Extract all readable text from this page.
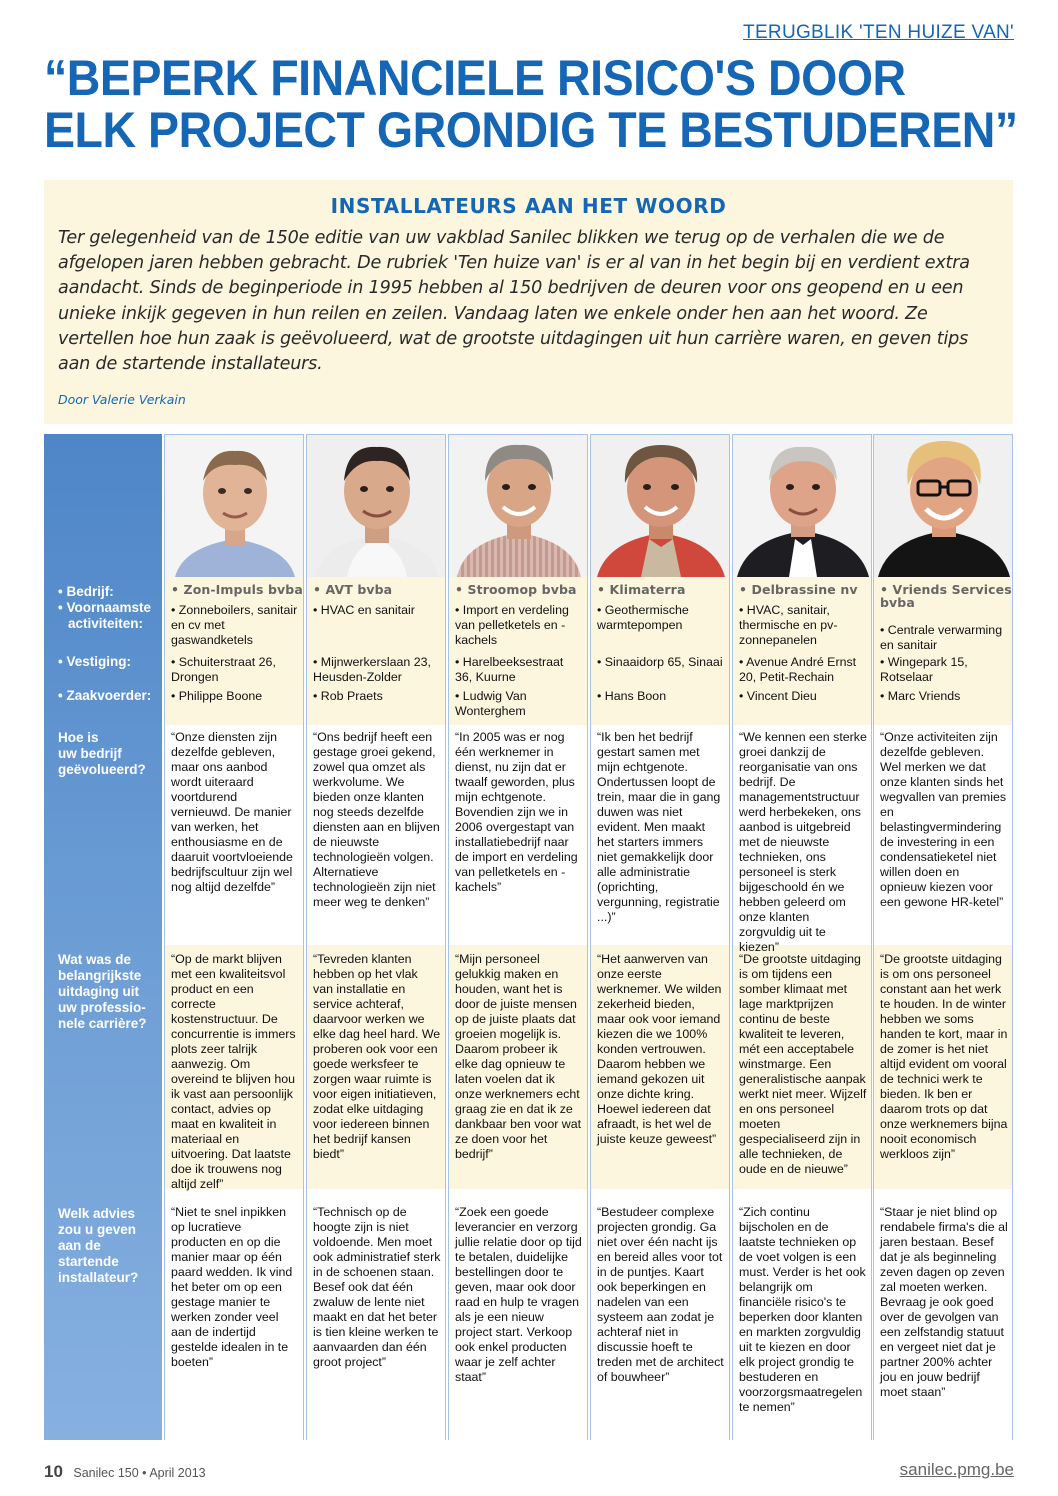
TERUGBLIK 'TEN HUIZE VAN'
“BEPERK FINANCIELE RISICO'S DOOR
ELK PROJECT GRONDIG TE BESTUDEREN”
INSTALLATEURS AAN HET WOORD
Ter gelegenheid van de 150e editie van uw vakblad Sanilec blikken we terug op de verhalen die we de afgelopen jaren hebben gebracht. De rubriek 'Ten huize van' is er al van in het begin bij en verdient extra aandacht. Sinds de beginperiode in 1995 hebben al 150 bedrijven de deuren voor ons geopend en u een unieke inkijk gegeven in hun reilen en zeilen. Vandaag laten we enkele onder hen aan het woord. Ze vertellen hoe hun zaak is geëvolueerd, wat de grootste uitdagingen uit hun carrière waren, en geven tips aan de startende installateurs.
Door Valerie Verkain
• Bedrijf:
• Voornaamste
activiteiten:
• Vestiging:
• Zaakvoerder:
Hoe is
uw bedrijf
geëvolueerd?
Wat was de
belangrijkste
uitdaging uit
uw professio-
nele carrière?
Welk advies
zou u geven
aan de
startende
installateur?
• Zon-Impuls bvba
• Zonneboilers, sanitair en cv met gaswandketels
• Schuiterstraat 26, Drongen
• Philippe Boone
“Onze diensten zijn dezelfde gebleven, maar ons aanbod wordt uiteraard voortdurend vernieuwd. De manier van werken, het enthousiasme en de daaruit voortvloeiende bedrijfscultuur zijn wel nog altijd dezelfde”
“Op de markt blijven met een kwaliteitsvol product en een correcte kostenstructuur. De concurrentie is immers plots zeer talrijk aanwezig. Om overeind te blijven hou ik vast aan persoonlijk contact, advies op maat en kwaliteit in materiaal en uitvoering. Dat laatste doe ik trouwens nog altijd zelf”
“Niet te snel inpikken op lucratieve producten en op die manier maar op één paard wedden. Ik vind het beter om op een gestage manier te werken zonder veel aan de indertijd gestelde idealen in te boeten”
• AVT bvba
• HVAC en sanitair
• Mijnwerkerslaan 23, Heusden-Zolder
• Rob Praets
“Ons bedrijf heeft een gestage groei gekend, zowel qua omzet als werkvolume. We bieden onze klanten nog steeds dezelfde diensten aan en blijven de nieuwste technologieën volgen. Alternatieve technologieën zijn niet meer weg te denken”
“Tevreden klanten hebben op het vlak van installatie en service achteraf, daarvoor werken we elke dag heel hard. We proberen ook voor een goede werksfeer te zorgen waar ruimte is voor eigen initiatieven, zodat elke uitdaging voor iedereen binnen het bedrijf kansen biedt”
“Technisch op de hoogte zijn is niet voldoende. Men moet ook administratief sterk in de schoenen staan. Besef ook dat één zwaluw de lente niet maakt en dat het beter is tien kleine werken te aanvaarden dan één groot project”
• Stroomop bvba
• Import en verdeling van pelletketels en -kachels
• Harelbeeksestraat 36, Kuurne
• Ludwig Van Wonterghem
“In 2005 was er nog één werknemer in dienst, nu zijn dat er twaalf geworden, plus mijn echtgenote. Bovendien zijn we in 2006 overgestapt van installatiebedrijf naar de import en verdeling van pelletketels en -kachels”
“Mijn personeel gelukkig maken en houden, want het is door de juiste mensen op de juiste plaats dat groeien mogelijk is. Daarom probeer ik elke dag opnieuw te laten voelen dat ik onze werknemers echt graag zie en dat ik ze dankbaar ben voor wat ze doen voor het bedrijf”
“Zoek een goede leverancier en verzorg jullie relatie door op tijd te betalen, duidelijke bestellingen door te geven, maar ook door raad en hulp te vragen als je een nieuw project start. Verkoop ook enkel producten waar je zelf achter staat”
• Klimaterra
• Geothermische warmtepompen
• Sinaaidorp 65, Sinaai
• Hans Boon
“Ik ben het bedrijf gestart samen met mijn echtgenote. Ondertussen loopt de trein, maar die in gang duwen was niet evident. Men maakt het starters immers niet gemakkelijk door alle administratie (oprichting, vergunning, registratie ...)”
“Het aanwerven van onze eerste werknemer. We wilden zekerheid bieden, maar ook voor iemand kiezen die we 100% konden vertrouwen. Daarom hebben we iemand gekozen uit onze dichte kring. Hoewel iedereen dat afraadt, is het wel de juiste keuze geweest”
“Bestudeer complexe projecten grondig. Ga niet over één nacht ijs en bereid alles voor tot in de puntjes. Kaart ook beperkingen en nadelen van een systeem aan zodat je achteraf niet in discussie hoeft te treden met de architect of bouwheer”
• Delbrassine nv
• HVAC, sanitair, thermische en pv-zonnepanelen
• Avenue André Ernst 20, Petit-Rechain
• Vincent Dieu
“We kennen een sterke groei dankzij de reorganisatie van ons bedrijf. De managementstructuur werd herbekeken, ons aanbod is uitgebreid met de nieuwste technieken, ons personeel is sterk bijgeschoold én we hebben geleerd om onze klanten zorgvuldig uit te kiezen”
“De grootste uitdaging is om tijdens een somber klimaat met lage marktprijzen continu de beste kwaliteit te leveren, mét een acceptabele winstmarge. Een generalistische aanpak werkt niet meer. Wijzelf en ons personeel moeten gespecialiseerd zijn in alle technieken, de oude en de nieuwe”
“Zich continu bijscholen en de laatste technieken op de voet volgen is een must. Verder is het ook belangrijk om financiële risico's te beperken door klanten en markten zorgvuldig uit te kiezen en door elk project grondig te bestuderen en voorzorgsmaatregelen te nemen”
• Vriends Services bvba
• Centrale verwarming en sanitair
• Wingepark 15, Rotselaar
• Marc Vriends
“Onze activiteiten zijn dezelfde gebleven. Wel merken we dat onze klanten sinds het wegvallen van premies en belastingvermindering de investering in een condensatieketel niet willen doen en opnieuw kiezen voor een gewone HR-ketel”
“De grootste uitdaging is om ons personeel constant aan het werk te houden. In de winter hebben we soms handen te kort, maar in de zomer is het niet altijd evident om vooral de technici werk te bieden. Ik ben er daarom trots op dat onze werknemers bijna nooit economisch werkloos zijn”
“Staar je niet blind op rendabele firma's die al jaren bestaan. Besef dat je als beginneling zeven dagen op zeven zal moeten werken. Bevraag je ook goed over de gevolgen van een zelfstandig statuut en vergeet niet dat je partner 200% achter jou en jouw bedrijf moet staan”
10 Sanilec 150 • April 2013	sanilec.pmg.be
